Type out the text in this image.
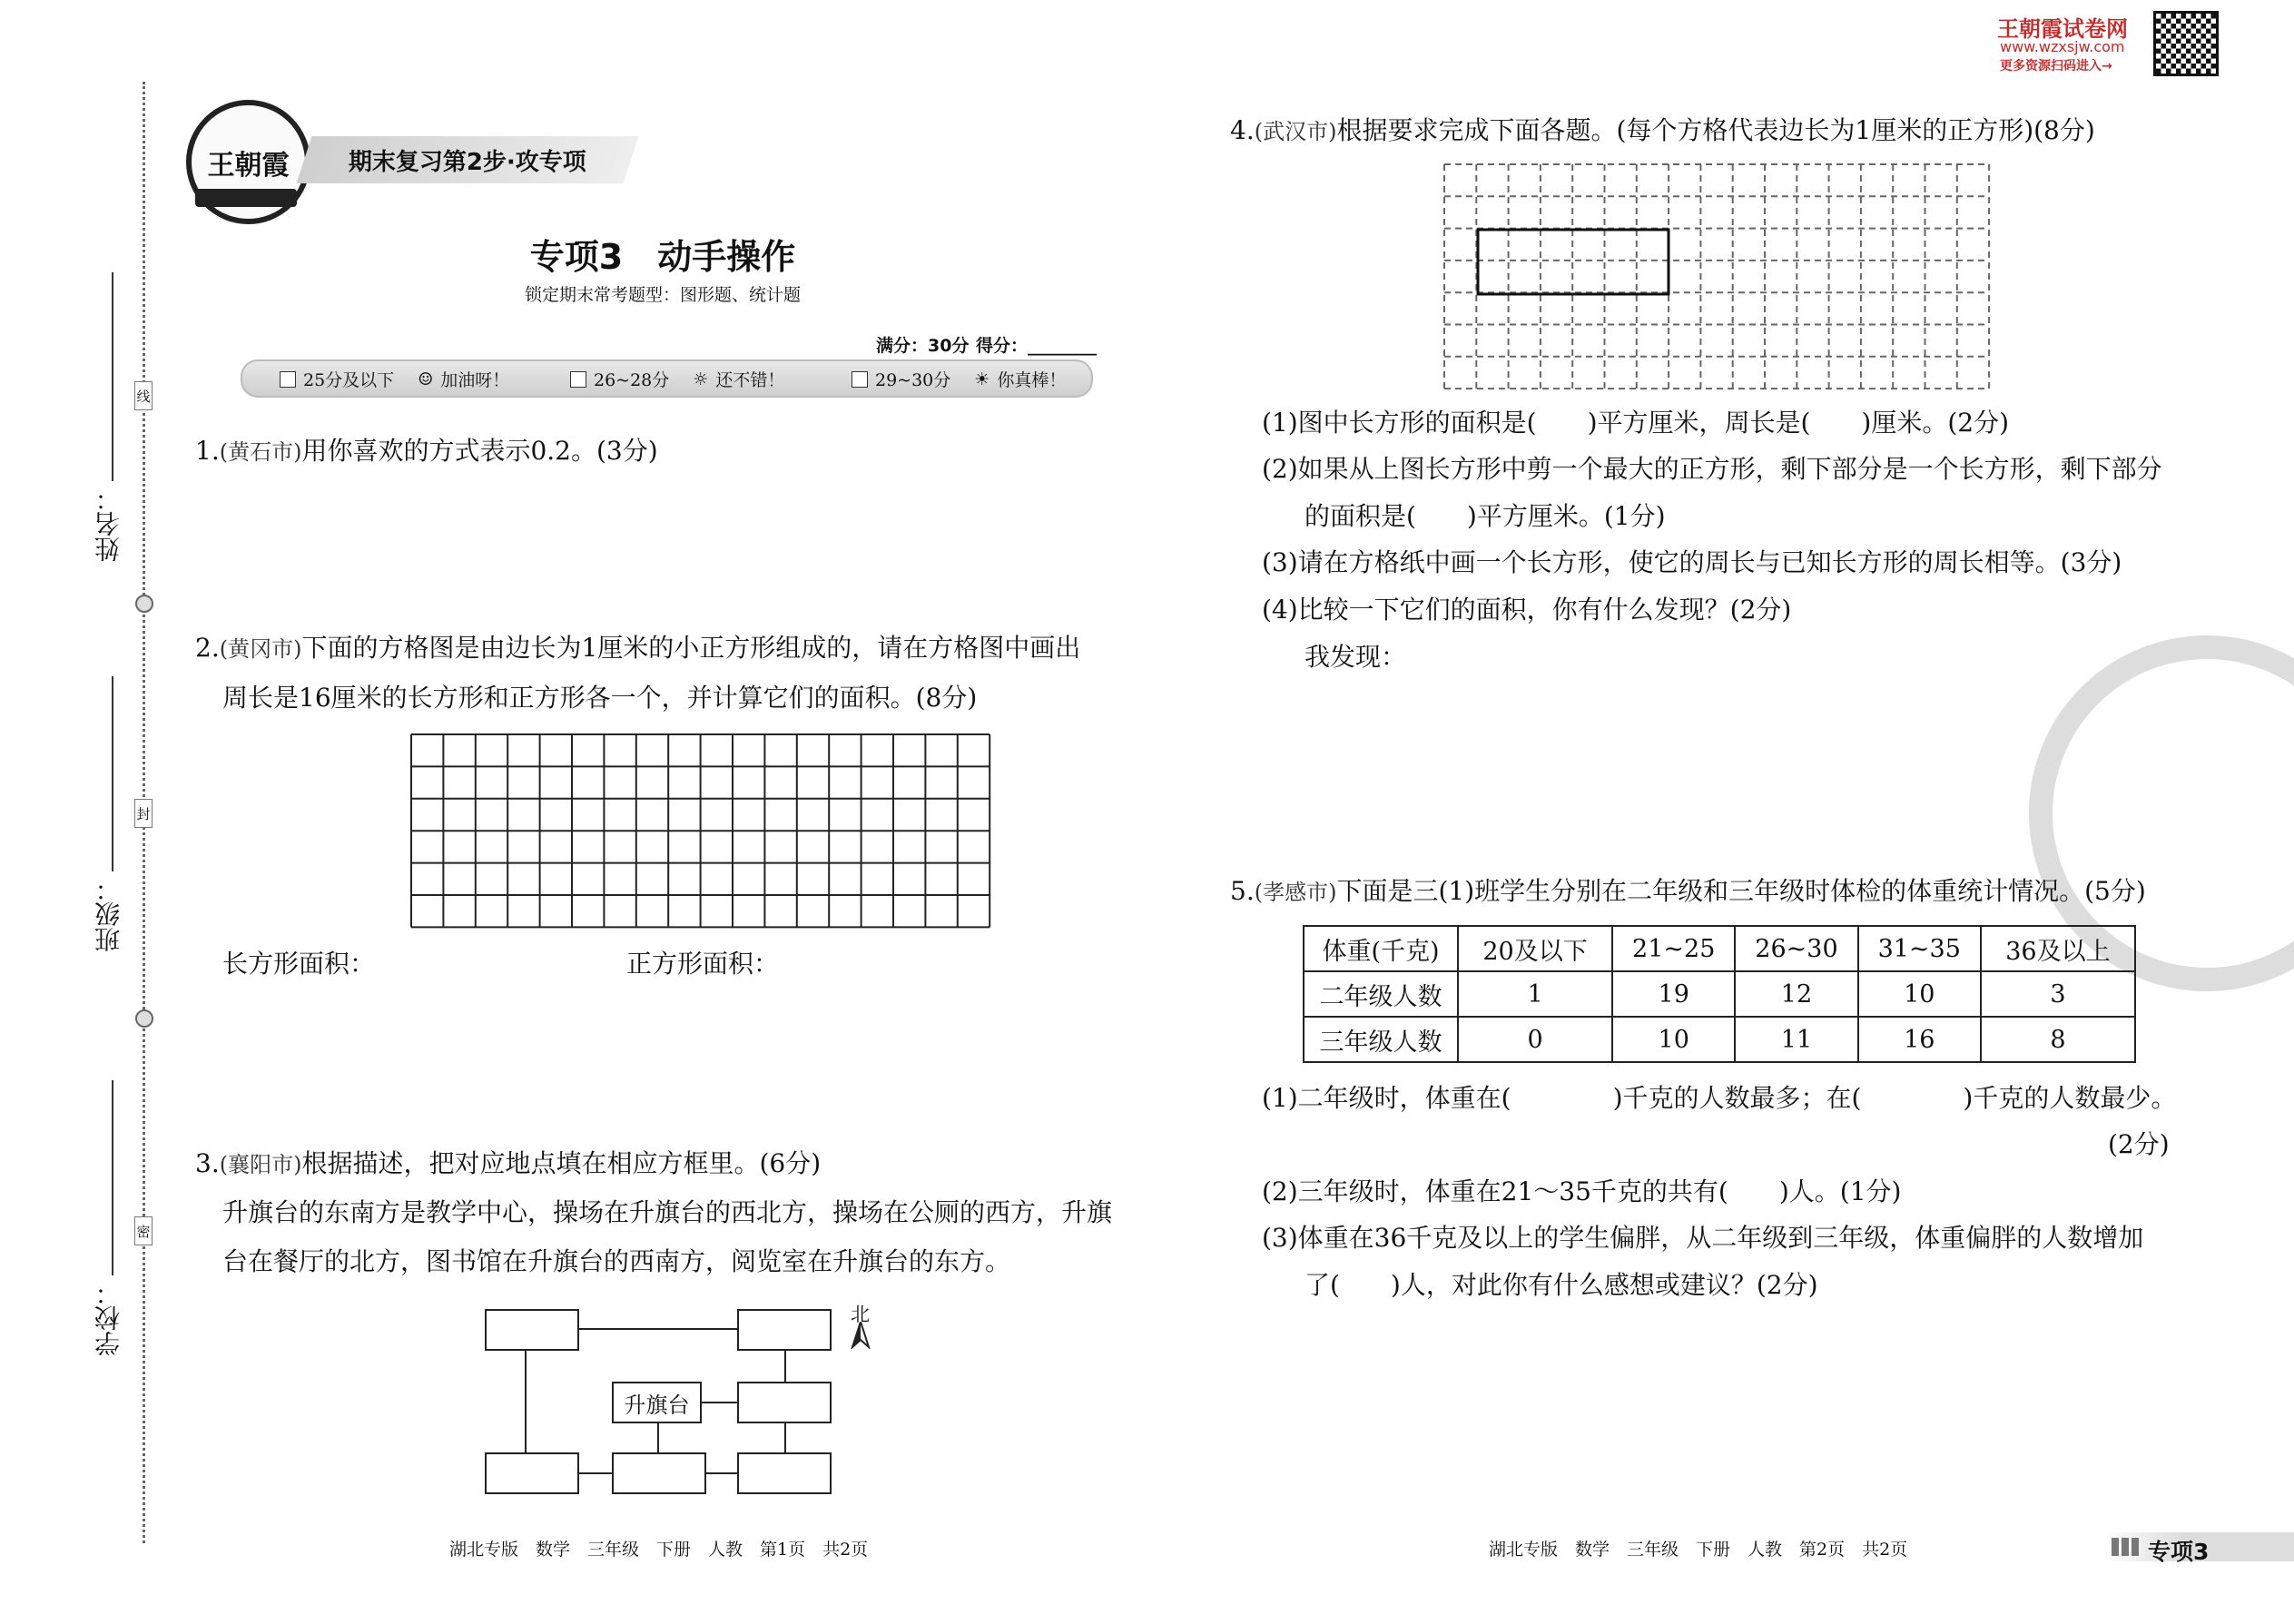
线
封
密
姓名：
班级：
学校：
王朝霞	期末复习第2步·攻专项
专项3　动手操作
锁定期末常考题型：图形题、统计题
满分：30分 得分：________
25分及以下 ☺ 加油呀！	26~28分 ☼ 还不错！	29~30分 ☀ 你真棒！
1.(黄石市)用你喜欢的方式表示0.2。(3分)
2.(黄冈市)下面的方格图是由边长为1厘米的小正方形组成的，请在方格图中画出
周长是16厘米的长方形和正方形各一个，并计算它们的面积。(8分)
长方形面积：	正方形面积：
3.(襄阳市)根据描述，把对应地点填在相应方框里。(6分)
升旗台的东南方是教学中心，操场在升旗台的西北方，操场在公厕的西方，升旗
台在餐厅的北方，图书馆在升旗台的西南方，阅览室在升旗台的东方。
升旗台
北
湖北专版　数学　三年级　下册　人教　第1页　共2页
王朝霞试卷网
www.wzxsjw.com
更多资源扫码进入→
4.(武汉市)根据要求完成下面各题。(每个方格代表边长为1厘米的正方形)(8分)
(1)图中长方形的面积是(　　)平方厘米，周长是(　　)厘米。(2分)
(2)如果从上图长方形中剪一个最大的正方形，剩下部分是一个长方形，剩下部分
的面积是(　　)平方厘米。(1分)
(3)请在方格纸中画一个长方形，使它的周长与已知长方形的周长相等。(3分)
(4)比较一下它们的面积，你有什么发现？(2分)
我发现：
5.(孝感市)下面是三(1)班学生分别在二年级和三年级时体检的体重统计情况。(5分)
体重(千克)	20及以下	21~25	26~30	31~35	36及以上
二年级人数	1	19	12	10	3
三年级人数	0	10	11	16	8
(1)二年级时，体重在(　　　　)千克的人数最多；在(　　　　)千克的人数最少。
(2分)
(2)三年级时，体重在21～35千克的共有(　　)人。(1分)
(3)体重在36千克及以上的学生偏胖，从二年级到三年级，体重偏胖的人数增加
了(　　)人，对此你有什么感想或建议？(2分)
湖北专版　数学　三年级　下册　人教　第2页　共2页	专项3
